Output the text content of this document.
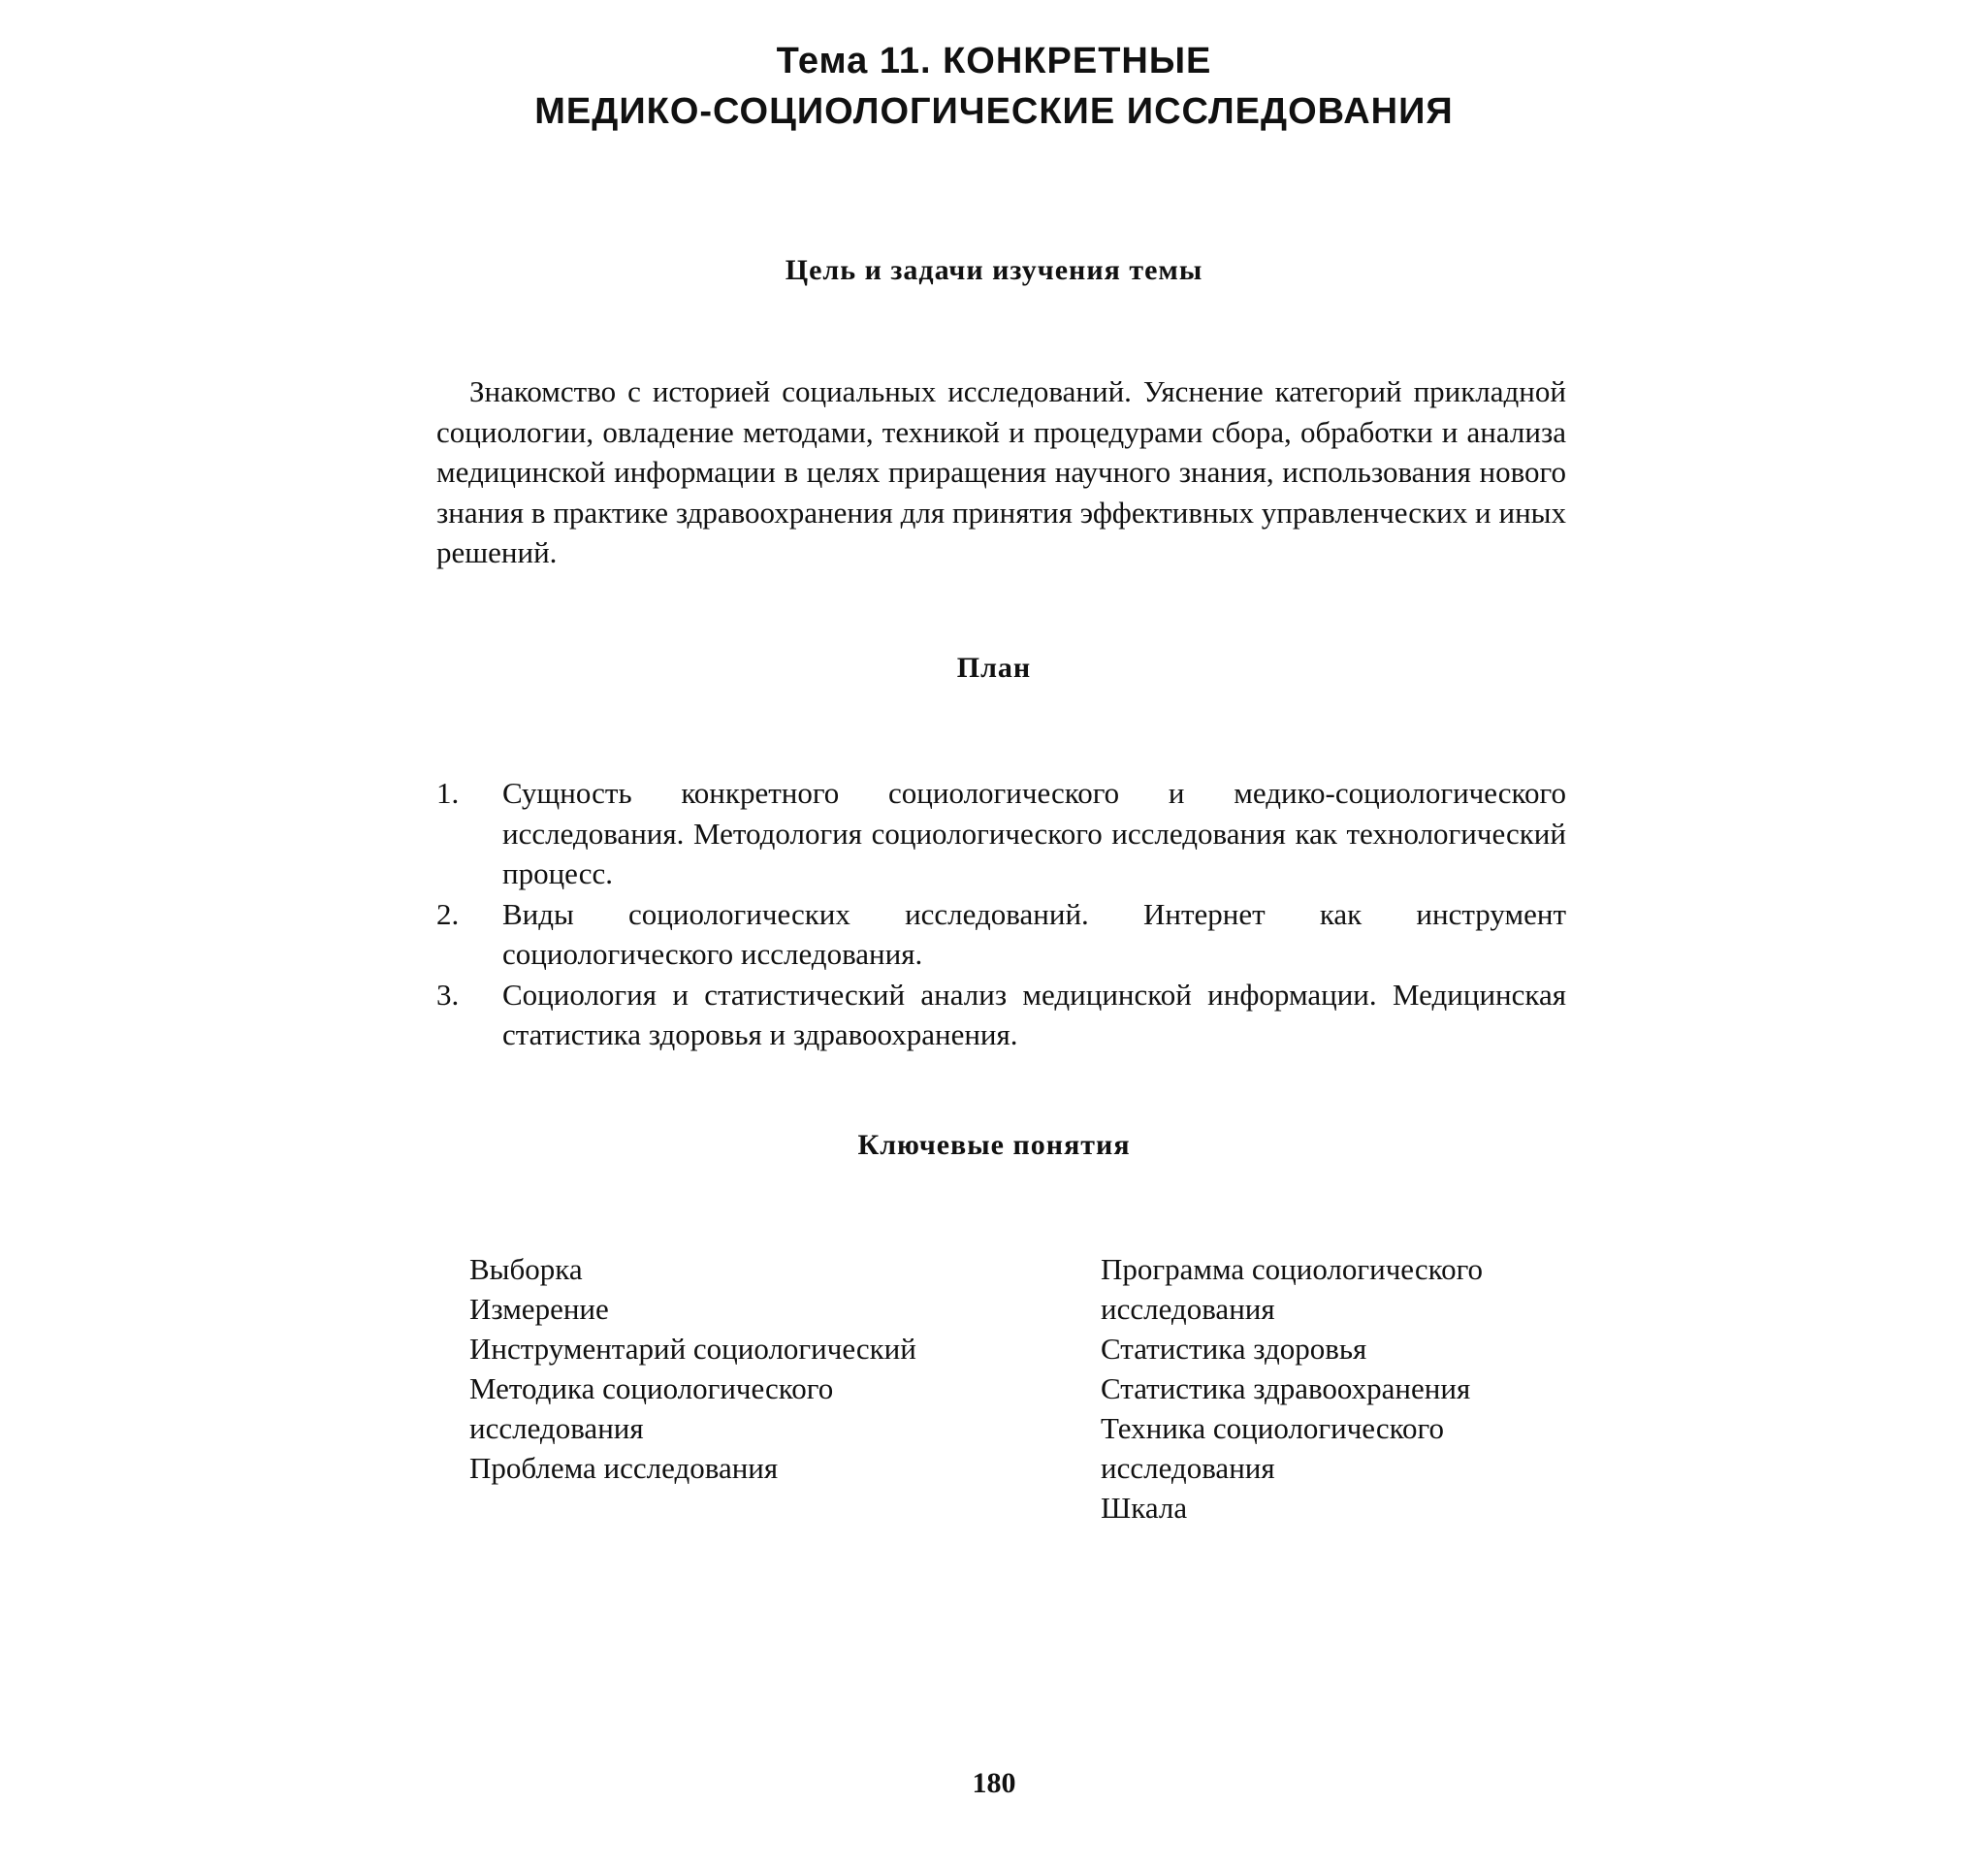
Тема 11. КОНКРЕТНЫЕ
МЕДИКО-СОЦИОЛОГИЧЕСКИЕ ИССЛЕДОВАНИЯ
Цель и задачи изучения темы

Знакомство с историей социальных исследований. Уяснение категорий прикладной социологии, овладение методами, техникой и процедурами сбора, обработки и анализа медицинской информации в целях приращения научного знания, использования нового знания в практике здравоохранения для принятия эффективных управленческих и иных решений.

План
1. Сущность конкретного социологического и медико-социологического исследования. Методология социологического исследования как технологический процесс.
2. Виды социологических исследований. Интернет как инструмент социологического исследования.
3. Социология и статистический анализ медицинской информации. Медицинская статистика здоровья и здравоохранения.
Ключевые понятия
Выборка
Измерение
Инструментарий социологический
Методика социологического исследования
Проблема исследования
Программа социологического исследования
Статистика здоровья
Статистика здравоохранения
Техника социологического исследования
Шкала
180
